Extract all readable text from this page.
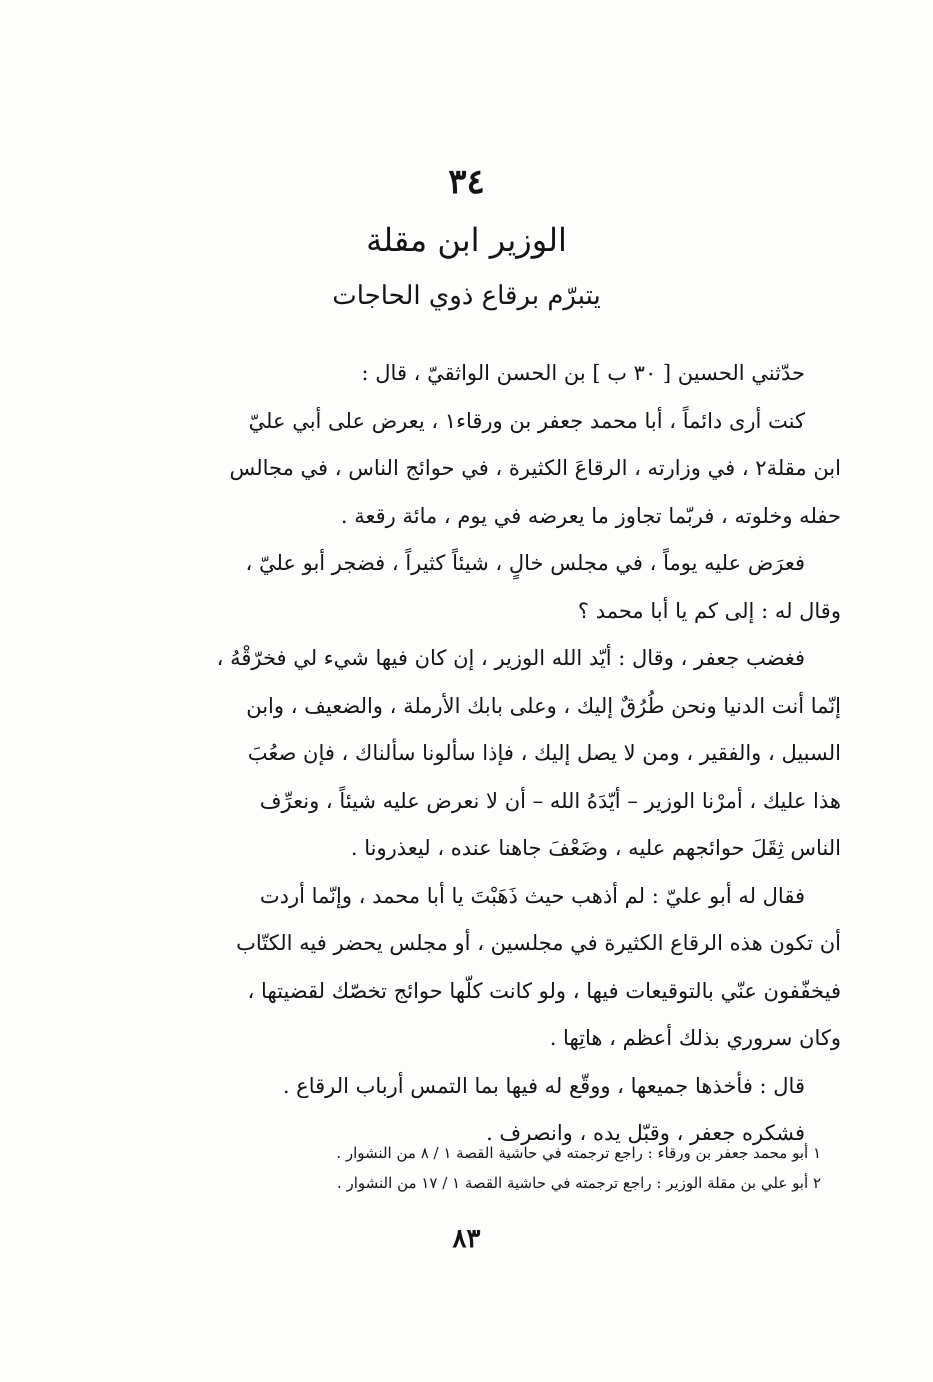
٣٤
الوزير ابن مقلة
يتبرّم برقاع ذوي الحاجات
حدّثني الحسين [ ٣٠ ب ] بن الحسن الواثقيّ ، قال :
كنت أرى دائماً ، أبا محمد جعفر بن ورقاء١ ، يعرض على أبي عليّ
ابن مقلة٢ ، في وزارته ، الرقاعَ الكثيرة ، في حوائج الناس ، في مجالس
حفله وخلوته ، فربّما تجاوز ما يعرضه في يوم ، مائة رقعة .
فعرَض عليه يوماً ، في مجلس خالٍ ، شيئاً كثيراً ، فضجر أبو عليّ ،
وقال له : إلى كم يا أبا محمد ؟
فغضب جعفر ، وقال : أيّد الله الوزير ، إن كان فيها شيء لي فخرّقْهُ ،
إنّما أنت الدنيا ونحن طُرُقٌ إليك ، وعلى بابك الأرملة ، والضعيف ، وابن
السبيل ، والفقير ، ومن لا يصل إليك ، فإذا سألونا سألناك ، فإن صعُبَ
هذا عليك ، أمرْنا الوزير – أيّدَهُ الله – أن لا نعرض عليه شيئاً ، ونعرِّف
الناس ثِقَلَ حوائجهم عليه ، وضَعْفَ جاهنا عنده ، ليعذرونا .
فقال له أبو عليّ : لم أذهب حيث ذَهَبْتَ يا أبا محمد ، وإنّما أردت
أن تكون هذه الرقاع الكثيرة في مجلسين ، أو مجلس يحضر فيه الكتّاب
فيخفّفون عنّي بالتوقيعات فيها ، ولو كانت كلّها حوائج تخصّك لقضيتها ،
وكان سروري بذلك أعظم ، هاتِها .
قال : فأخذها جميعها ، ووقّع له فيها بما التمس أرباب الرقاع .
فشكره جعفر ، وقبّل يده ، وانصرف .
١ أبو محمد جعفر بن ورقاء : راجع ترجمته في حاشية القصة ١ / ٨ من النشوار .
٢ أبو علي بن مقلة الوزير : راجع ترجمته في حاشية القصة ١ / ١٧ من النشوار .
٨٣
